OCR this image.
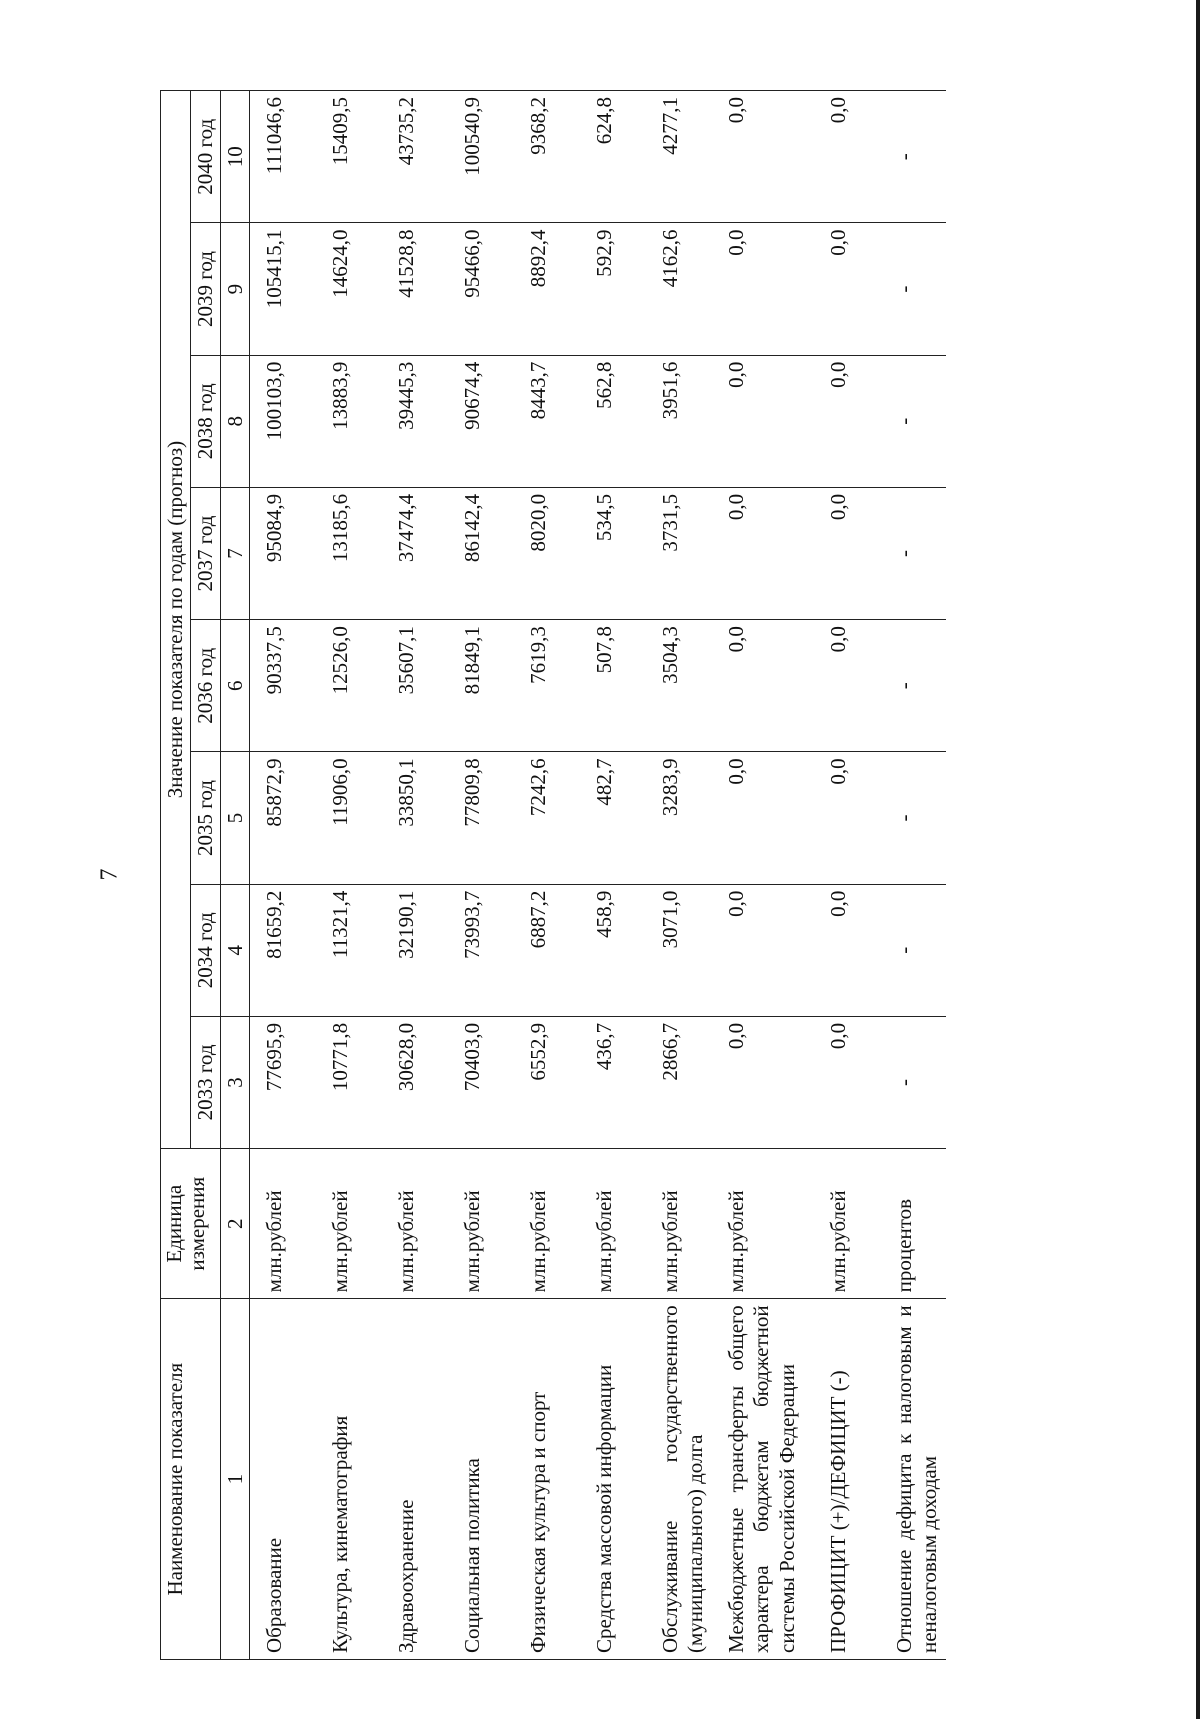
7
Наименование показателя	Единица измерения	Значение показателя по годам (прогноз)							
		2033 год	2034 год	2035 год	2036 год	2037 год	2038 год	2039 год	2040 год
1	2	3	4	5	6	7	8	9	10
Образование	млн.рублей	77695,9	81659,2	85872,9	90337,5	95084,9	100103,0	105415,1	111046,6
Культура, кинематография	млн.рублей	10771,8	11321,4	11906,0	12526,0	13185,6	13883,9	14624,0	15409,5
Здравоохранение	млн.рублей	30628,0	32190,1	33850,1	35607,1	37474,4	39445,3	41528,8	43735,2
Социальная политика	млн.рублей	70403,0	73993,7	77809,8	81849,1	86142,4	90674,4	95466,0	100540,9
Физическая культура и спорт	млн.рублей	6552,9	6887,2	7242,6	7619,3	8020,0	8443,7	8892,4	9368,2
Средства массовой информации	млн.рублей	436,7	458,9	482,7	507,8	534,5	562,8	592,9	624,8
Обслуживание государственного (муниципального) долга	млн.рублей	2866,7	3071,0	3283,9	3504,3	3731,5	3951,6	4162,6	4277,1
Межбюджетные трансферты общего характера бюджетам бюджетной системы Российской Федерации	млн.рублей	0,0	0,0	0,0	0,0	0,0	0,0	0,0	0,0
ПРОФИЦИТ (+)/ДЕФИЦИТ (-)	млн.рублей	0,0	0,0	0,0	0,0	0,0	0,0	0,0	0,0
Отношение дефицита к налоговым и неналоговым доходам	процентов	-	-	-	-	-	-	-	-
